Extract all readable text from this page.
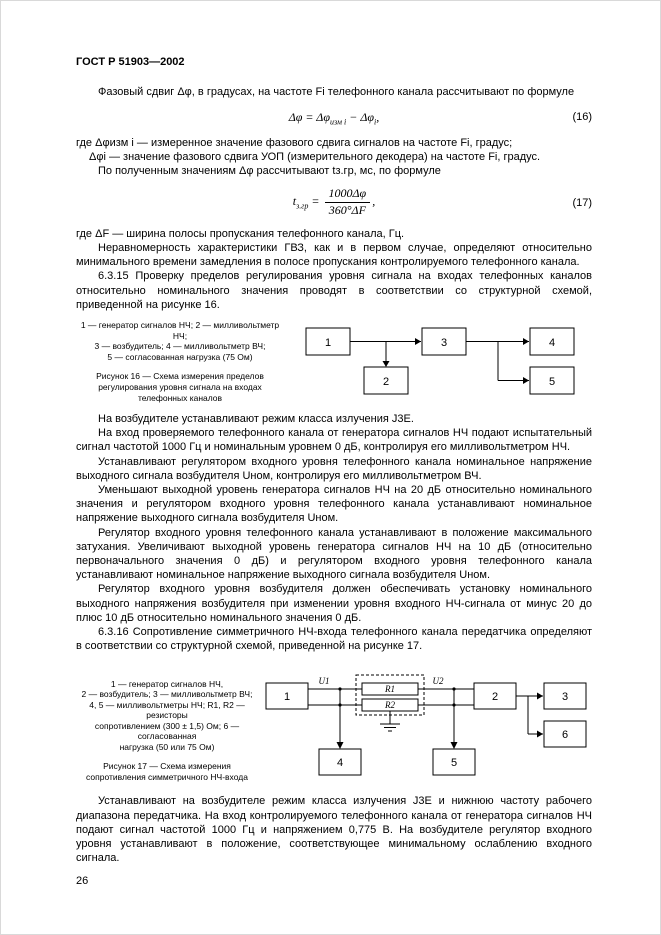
ГОСТ Р 51903—2002

Фазовый сдвиг Δφ, в градусах, на частоте Fi телефонного канала рассчитывают по формуле

$\Delta\varphi = \Delta\varphi_{изм i} - \Delta\varphi_i$,	(16)

где Δφизм i — измеренное значение фазового сдвига сигналов на частоте Fi, градус;

Δφi — значение фазового сдвига УОП (измерительного декодера) на частоте Fi, градус.

По полученным значениям Δφ рассчитывают tз.гр, мс, по формуле

$t_{з.гр} = \frac{1000\Delta\varphi}{360^\circ\Delta F}$ ,	(17)

где ΔF — ширина полосы пропускания телефонного канала, Гц.

Неравномерность характеристики ГВЗ, как и в первом случае, определяют относительно минимального времени замедления в полосе пропускания контролируемого телефонного канала.

6.3.15 Проверку пределов регулирования уровня сигнала на входах телефонных каналов относительно номинального значения проводят в соответствии со структурной схемой, приведенной на рисунке 16.

1 — генератор сигналов НЧ; 2 — милливольтметр НЧ;
3 — возбудитель; 4 — милливольтметр ВЧ;
5 — согласованная нагрузка (75 Ом)
Рисунок 16 — Схема измерения пределов
регулирования уровня сигнала на входах
телефонных каналов
1	3	4
2	5

На возбудителе устанавливают режим класса излучения J3E.

На вход проверяемого телефонного канала от генератора сигналов НЧ подают испытательный сигнал частотой 1000 Гц и номинальным уровнем 0 дБ, контролируя его милливольтметром НЧ.

Устанавливают регулятором входного уровня телефонного канала номинальное напряжение выходного сигнала возбудителя Uном, контролируя его милливольтметром ВЧ.

Уменьшают выходной уровень генератора сигналов НЧ на 20 дБ относительно номинального значения и регулятором входного уровня телефонного канала устанавливают номинальное напряжение выходного сигнала возбудителя Uном.

Регулятор входного уровня телефонного канала устанавливают в положение максимального затухания. Увеличивают выходной уровень генератора сигналов НЧ на 10 дБ (относительно первоначального значения 0 дБ) и регулятором входного уровня телефонного канала устанавливают номинальное напряжение выходного сигнала возбудителя Uном.

Регулятор входного уровня возбудителя должен обеспечивать установку номинального выходного напряжения возбудителя при изменении уровня входного НЧ-сигнала от минус 20 до плюс 10 дБ относительно номинального значения 0 дБ.

6.3.16 Сопротивление симметричного НЧ-входа телефонного канала передатчика определяют в соответствии со структурной схемой, приведенной на рисунке 17.

1 — генератор сигналов НЧ,
2 — возбудитель; 3 — милливольтметр ВЧ;
4, 5 — милливольтметры НЧ; R1, R2 — резисторы
сопротивлением (300 ± 1,5) Ом; 6 — согласованная
нагрузка (50 или 75 Ом)
Рисунок 17 — Схема измерения
сопротивления симметричного НЧ-входа
R1
R2
U1	U2
1	2	3
6
4	5

Устанавливают на возбудителе режим класса излучения J3E и нижнюю частоту рабочего диапазона передатчика. На вход контролируемого телефонного канала от генератора сигналов НЧ подают сигнал частотой 1000 Гц и напряжением 0,775 В. На возбудителе регулятор входного уровня устанавливают в положение, соответствующее минимальному ослаблению входного сигнала.

26
